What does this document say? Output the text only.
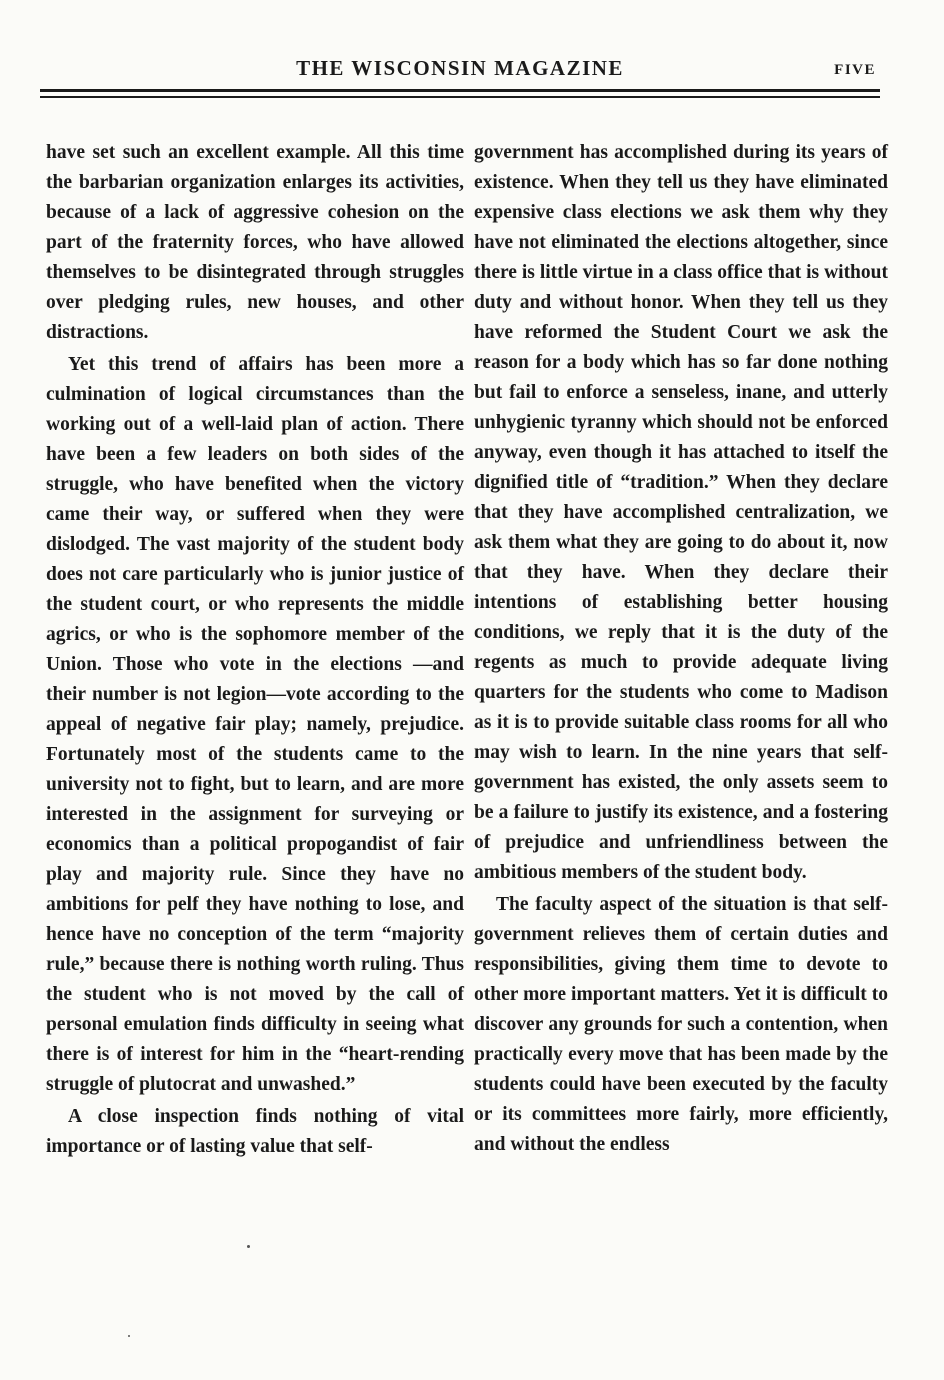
THE WISCONSIN MAGAZINE	FIVE

have set such an excellent example. All this time the barbarian organization enlarges its activities, because of a lack of aggressive cohesion on the part of the fraternity forces, who have allowed themselves to be disintegrated through struggles over pledging rules, new houses, and other distractions.

Yet this trend of affairs has been more a culmination of logical circumstances than the working out of a well-laid plan of action. There have been a few leaders on both sides of the struggle, who have benefited when the victory came their way, or suffered when they were dislodged. The vast majority of the student body does not care particularly who is junior justice of the student court, or who represents the middle agrics, or who is the sophomore member of the Union. Those who vote in the elections —and their number is not legion—vote according to the appeal of negative fair play; namely, prejudice. Fortunately most of the students came to the university not to fight, but to learn, and are more interested in the assignment for surveying or economics than a political propogandist of fair play and majority rule. Since they have no ambitions for pelf they have nothing to lose, and hence have no conception of the term “majority rule,” because there is nothing worth ruling. Thus the student who is not moved by the call of personal emulation finds difficulty in seeing what there is of interest for him in the “heart-rending struggle of plutocrat and unwashed.”

A close inspection finds nothing of vital importance or of lasting value that self-

government has accomplished during its years of existence. When they tell us they have eliminated expensive class elections we ask them why they have not eliminated the elections altogether, since there is little virtue in a class office that is without duty and without honor. When they tell us they have reformed the Student Court we ask the reason for a body which has so far done nothing but fail to enforce a senseless, inane, and utterly unhygienic tyranny which should not be enforced anyway, even though it has attached to itself the dignified title of “tradition.” When they declare that they have accomplished centralization, we ask them what they are going to do about it, now that they have. When they declare their intentions of establishing better housing conditions, we reply that it is the duty of the regents as much to provide adequate living quarters for the students who come to Madison as it is to provide suitable class rooms for all who may wish to learn. In the nine years that self-government has existed, the only assets seem to be a failure to justify its existence, and a fostering of prejudice and unfriendliness between the ambitious members of the student body.

The faculty aspect of the situation is that self-government relieves them of certain duties and responsibilities, giving them time to devote to other more important matters. Yet it is difficult to discover any grounds for such a contention, when practically every move that has been made by the students could have been executed by the faculty or its committees more fairly, more efficiently, and without the endless
